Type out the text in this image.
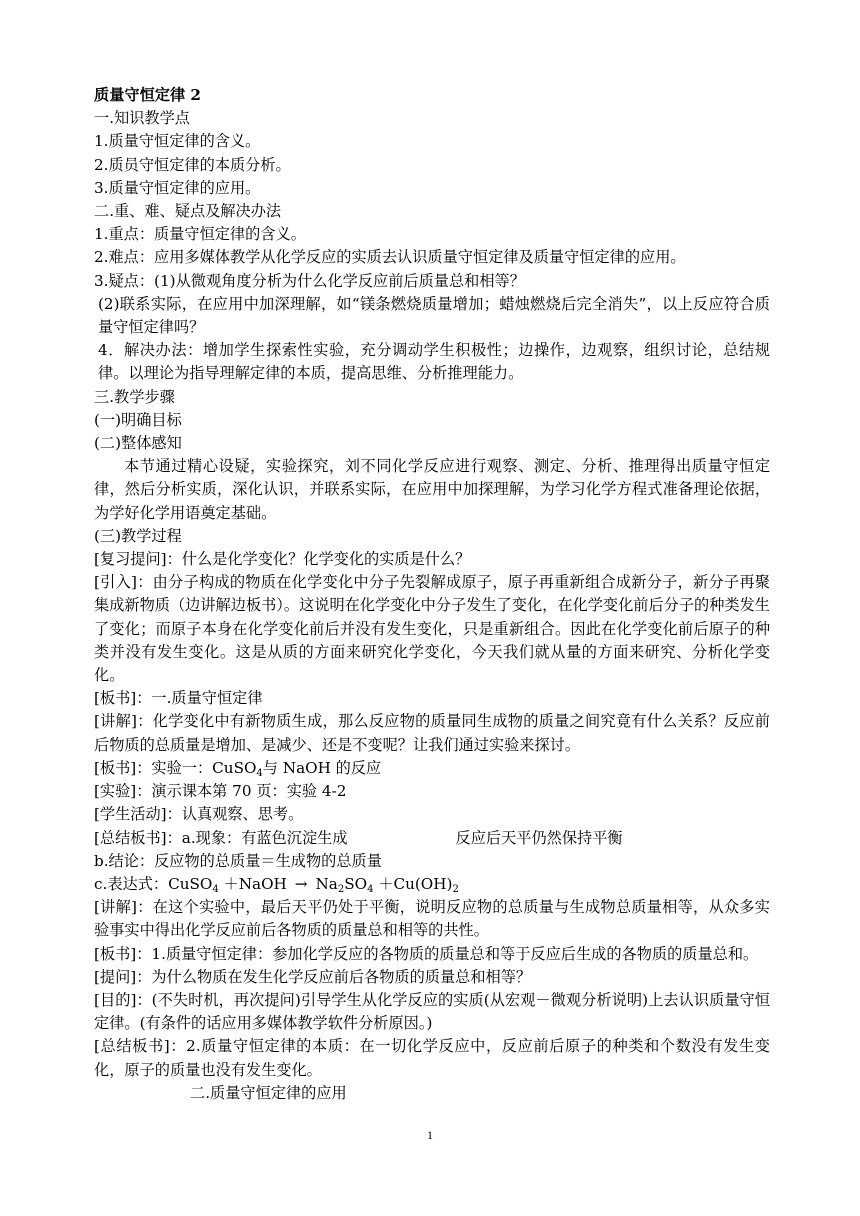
质量守恒定律 2
一.知识教学点
1.质量守恒定律的含义。
2.质员守恒定律的本质分析。
3.质量守恒定律的应用。
二.重、难、疑点及解决办法
1.重点：质量守恒定律的含义。
2.难点：应用多媒体教学从化学反应的实质去认识质量守恒定律及质量守恒定律的应用。
3.疑点：(1)从微观角度分析为什么化学反应前后质量总和相等？
(2)联系实际，在应用中加深理解，如“镁条燃烧质量增加；蜡烛燃烧后完全消失”，以上反应符合质量守恒定律吗？
4．解决办法：增加学生探索性实验，充分调动学生积极性；边操作，边观察，组织讨论，总结规律。以理论为指导理解定律的本质，提高思维、分析推理能力。
三.教学步骤
(一)明确目标
(二)整体感知
本节通过精心设疑，实验探究，刘不同化学反应进行观察、测定、分析、推理得出质量守恒定律，然后分析实质，深化认识，并联系实际，在应用中加探理解，为学习化学方程式准备理论依据，为学好化学用语奠定基础。
(三)教学过程
[复习提问]：什么是化学变化？化学变化的实质是什么？
[引入]：由分子构成的物质在化学变化中分子先裂解成原子，原子再重新组合成新分子，新分子再聚集成新物质（边讲解边板书）。这说明在化学变化中分子发生了变化，在化学变化前后分子的种类发生了变化；而原子本身在化学变化前后并没有发生变化，只是重新组合。因此在化学变化前后原子的种类并没有发生变化。这是从质的方面来研究化学变化，今天我们就从量的方面来研究、分析化学变化。
[板书]：一.质量守恒定律
[讲解]：化学变化中有新物质生成，那么反应物的质量同生成物的质量之间究竟有什么关系？反应前后物质的总质量是增加、是减少、还是不变呢？让我们通过实验来探讨。
[板书]：实验一：CuSO$_4$与 NaOH 的反应
[实验]：演示课本第 70 页：实验 4-2
[学生活动]：认真观察、思考。
[总结板书]：a.现象：有蓝色沉淀生成	反应后天平仍然保持平衡
b.结论：反应物的总质量＝生成物的总质量
c.表达式：CuSO$_4$ ＋NaOH → $Na_2SO_4 +Cu(OH)_2$
[讲解]：在这个实验中，最后天平仍处于平衡，说明反应物的总质量与生成物总质量相等，从众多实验事实中得出化学反应前后各物质的质量总和相等的共性。
[板书]：1.质量守恒定律：参加化学反应的各物质的质量总和等于反应后生成的各物质的质量总和。
[提问]：为什么物质在发生化学反应前后各物质的质量总和相等？
[目的]：(不失时机，再次提问)引导学生从化学反应的实质(从宏观－微观分析说明)上去认识质量守恒定律。(有条件的话应用多媒体教学软件分析原因。)
[总结板书]：2.质量守恒定律的本质：在一切化学反应中，反应前后原子的种类和个数没有发生变化，原子的质量也没有发生变化。
二.质量守恒定律的应用
1
